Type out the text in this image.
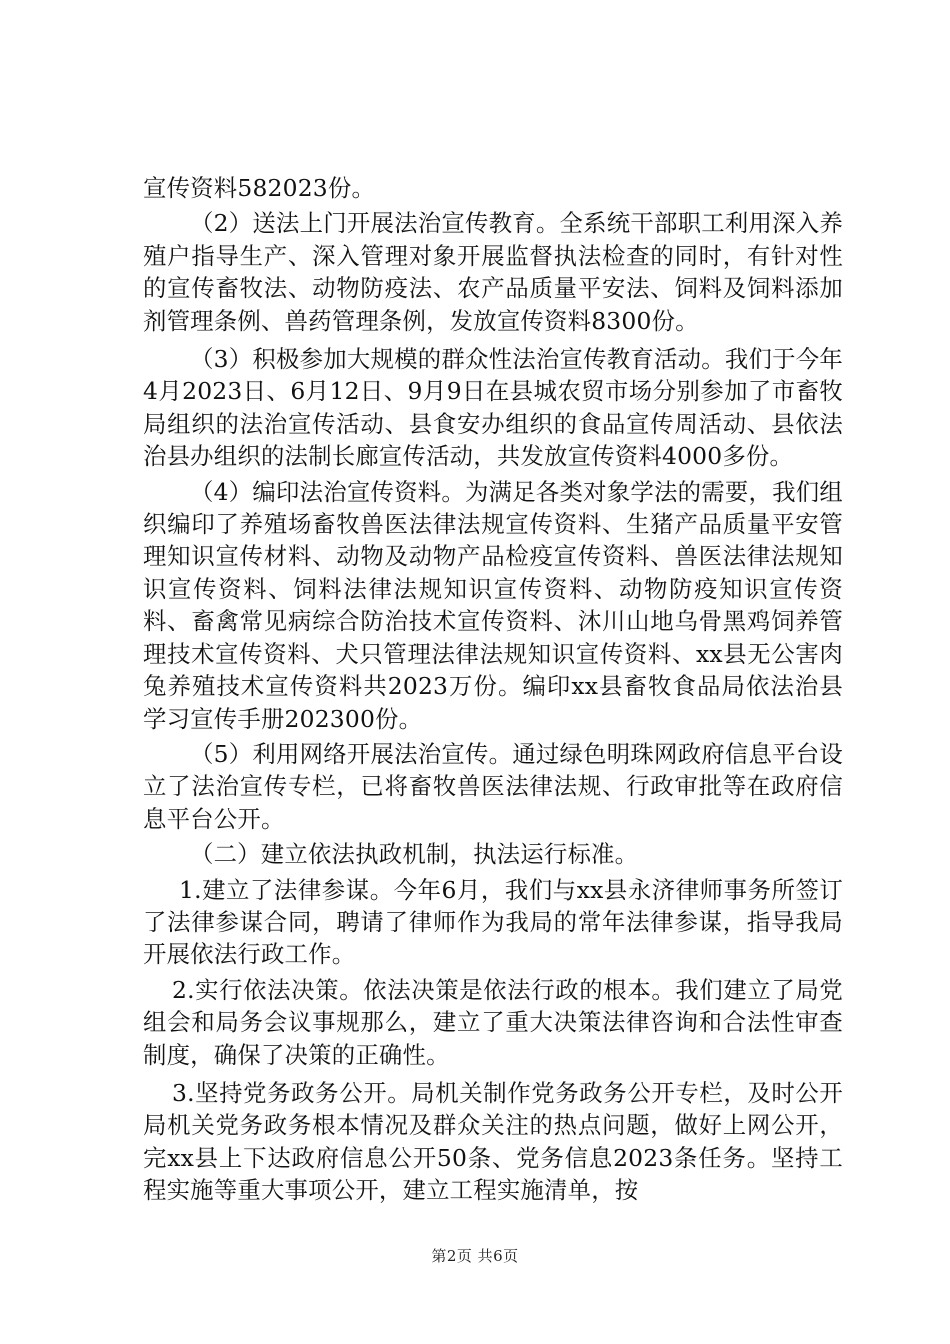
宣传资料582023份。

（2）送法上门开展法治宣传教育。全系统干部职工利用深入养殖户指导生产、深入管理对象开展监督执法检查的同时，有针对性的宣传畜牧法、动物防疫法、农产品质量平安法、饲料及饲料添加剂管理条例、兽药管理条例，发放宣传资料8300份。

（3）积极参加大规模的群众性法治宣传教育活动。我们于今年4月2023日、6月12日、9月9日在县城农贸市场分别参加了市畜牧局组织的法治宣传活动、县食安办组织的食品宣传周活动、县依法治县办组织的法制长廊宣传活动，共发放宣传资料4000多份。

（4）编印法治宣传资料。为满足各类对象学法的需要，我们组织编印了养殖场畜牧兽医法律法规宣传资料、生猪产品质量平安管理知识宣传材料、动物及动物产品检疫宣传资料、兽医法律法规知识宣传资料、饲料法律法规知识宣传资料、动物防疫知识宣传资料、畜禽常见病综合防治技术宣传资料、沐川山地乌骨黑鸡饲养管理技术宣传资料、犬只管理法律法规知识宣传资料、xx县无公害肉兔养殖技术宣传资料共2023万份。编印xx县畜牧食品局依法治县学习宣传手册202300份。

（5）利用网络开展法治宣传。通过绿色明珠网政府信息平台设立了法治宣传专栏，已将畜牧兽医法律法规、行政审批等在政府信息平台公开。

（二）建立依法执政机制，执法运行标准。

1.建立了法律参谋。今年6月，我们与xx县永济律师事务所签订了法律参谋合同，聘请了律师作为我局的常年法律参谋，指导我局开展依法行政工作。

2.实行依法决策。依法决策是依法行政的根本。我们建立了局党组会和局务会议事规那么，建立了重大决策法律咨询和合法性审查制度，确保了决策的正确性。

3.坚持党务政务公开。局机关制作党务政务公开专栏，及时公开局机关党务政务根本情况及群众关注的热点问题，做好上网公开，完xx县上下达政府信息公开50条、党务信息2023条任务。坚持工程实施等重大事项公开，建立工程实施清单，按

第2页 共6页
